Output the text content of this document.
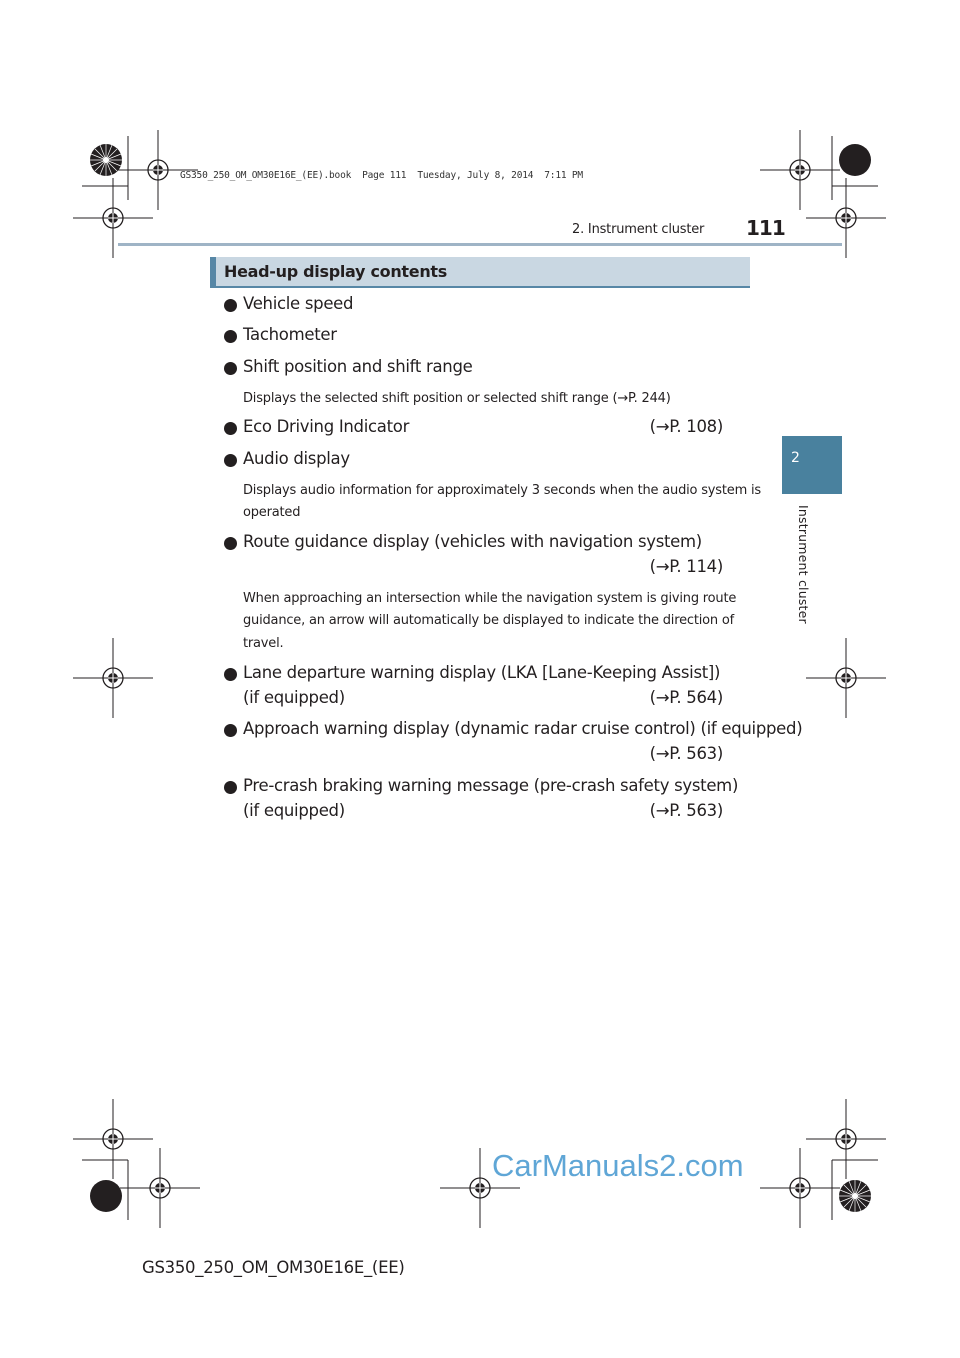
GS350_250_OM_OM30E16E_(EE).book  Page 111  Tuesday, July 8, 2014  7:11 PM
2. Instrument cluster 111
2
Instrument cluster
Head-up display contents
Vehicle speed
Tachometer
Shift position and shift range
Displays the selected shift position or selected shift range (→P. 244)
Eco Driving Indicator	(→P. 108)
Audio display
Displays audio information for approximately 3 seconds when the audio system is
operated
Route guidance display (vehicles with navigation system)
(→P. 114)
When approaching an intersection while the navigation system is giving route
guidance, an arrow will automatically be displayed to indicate the direction of
travel.
Lane departure warning display (LKA [Lane-Keeping Assist])
(if equipped)	(→P. 564)
Approach warning display (dynamic radar cruise control) (if equipped)
(→P. 563)
Pre-crash braking warning message (pre-crash safety system)
(if equipped)	(→P. 563)
CarManuals2.com
GS350_250_OM_OM30E16E_(EE)
